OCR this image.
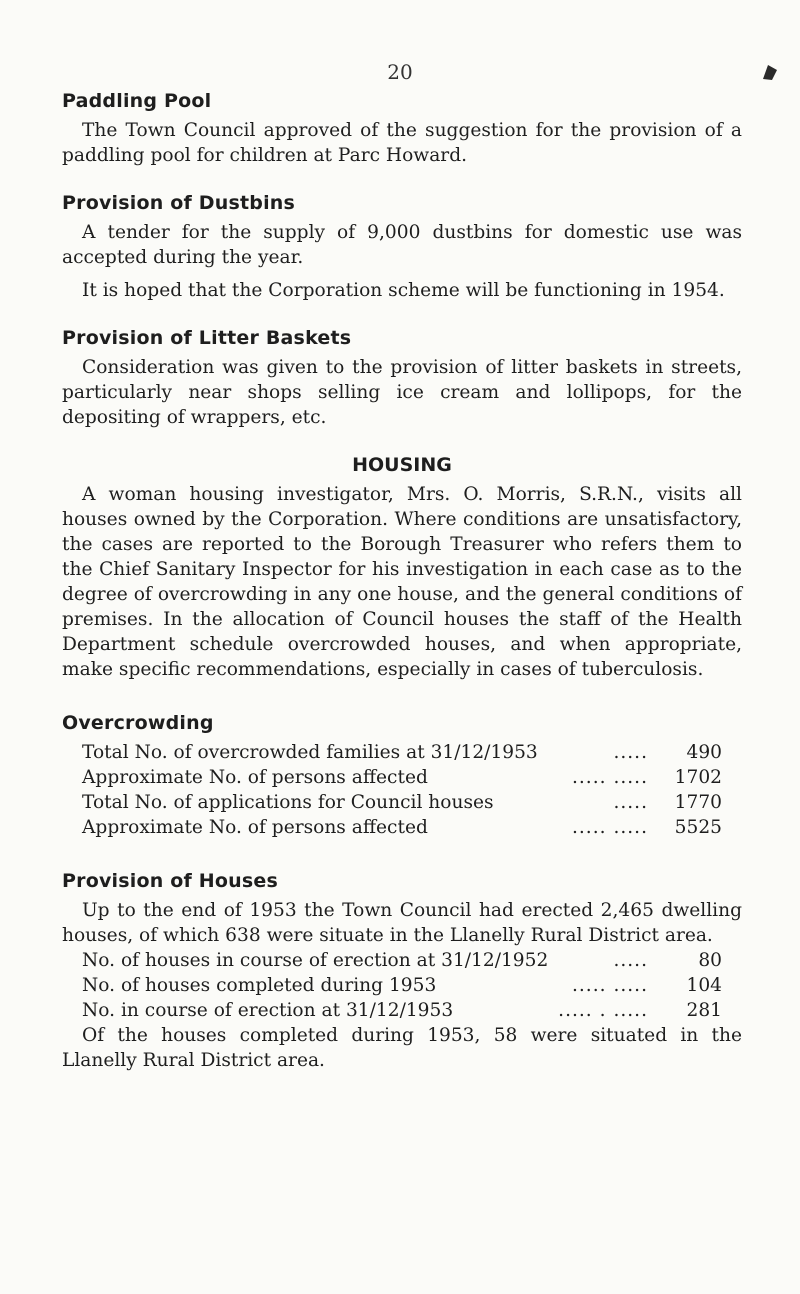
20
Paddling Pool

The Town Council approved of the suggestion for the provision of a paddling pool for children at Parc Howard.

Provision of Dustbins

A tender for the supply of 9,000 dustbins for domestic use was accepted during the year.

It is hoped that the Corporation scheme will be functioning in 1954.

Provision of Litter Baskets

Consideration was given to the provision of litter baskets in streets, particularly near shops selling ice cream and lollipops, for the depositing of wrappers, etc.

HOUSING

A woman housing investigator, Mrs. O. Morris, S.R.N., visits all houses owned by the Corporation. Where conditions are unsatisfactory, the cases are reported to the Borough Treasurer who refers them to the Chief Sanitary Inspector for his investigation in each case as to the degree of overcrowding in any one house, and the general conditions of premises. In the allocation of Council houses the staff of the Health Department schedule overcrowded houses, and when appropriate, make specific recommendations, especially in cases of tuberculosis.

Overcrowding
Total No. of overcrowded families at 31/12/1953	.....	490
Approximate No. of persons affected	..... .....	1702
Total No. of applications for Council houses	.....	1770
Approximate No. of persons affected	..... .....	5525
Provision of Houses

Up to the end of 1953 the Town Council had erected 2,465 dwelling houses, of which 638 were situate in the Llanelly Rural District area.

No. of houses in course of erection at 31/12/1952	.....	80
No. of houses completed during 1953	..... .....	104
No. in course of erection at 31/12/1953	..... . .....	281

Of the houses completed during 1953, 58 were situated in the Llanelly Rural District area.
